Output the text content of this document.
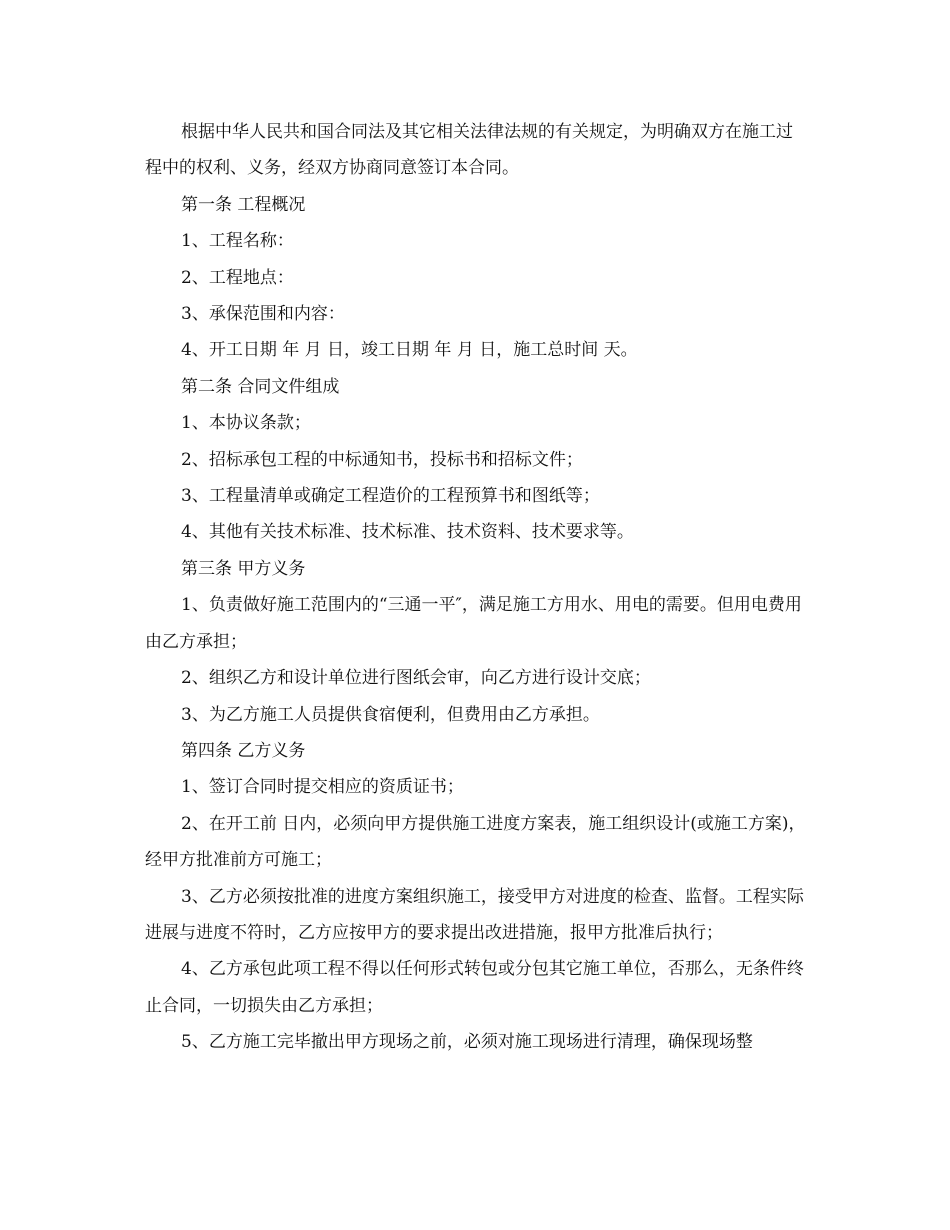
根据中华人民共和国合同法及其它相关法律法规的有关规定，为明确双方在施工过程中的权利、义务，经双方协商同意签订本合同。

第一条 工程概况

1、工程名称：

2、工程地点：

3、承保范围和内容：

4、开工日期 年 月 日，竣工日期 年 月 日，施工总时间 天。

第二条 合同文件组成

1、本协议条款；

2、招标承包工程的中标通知书，投标书和招标文件；

3、工程量清单或确定工程造价的工程预算书和图纸等；

4、其他有关技术标准、技术标准、技术资料、技术要求等。

第三条 甲方义务

1、负责做好施工范围内的“三通一平″，满足施工方用水、用电的需要。但用电费用由乙方承担；

2、组织乙方和设计单位进行图纸会审，向乙方进行设计交底；

3、为乙方施工人员提供食宿便利，但费用由乙方承担。

第四条 乙方义务

1、签订合同时提交相应的资质证书；

2、在开工前 日内，必须向甲方提供施工进度方案表，施工组织设计(或施工方案)，经甲方批准前方可施工；

3、乙方必须按批准的进度方案组织施工，接受甲方对进度的检查、监督。工程实际进展与进度不符时，乙方应按甲方的要求提出改进措施，报甲方批准后执行；

4、乙方承包此项工程不得以任何形式转包或分包其它施工单位，否那么，无条件终止合同，一切损失由乙方承担；

5、乙方施工完毕撤出甲方现场之前，必须对施工现场进行清理，确保现场整
